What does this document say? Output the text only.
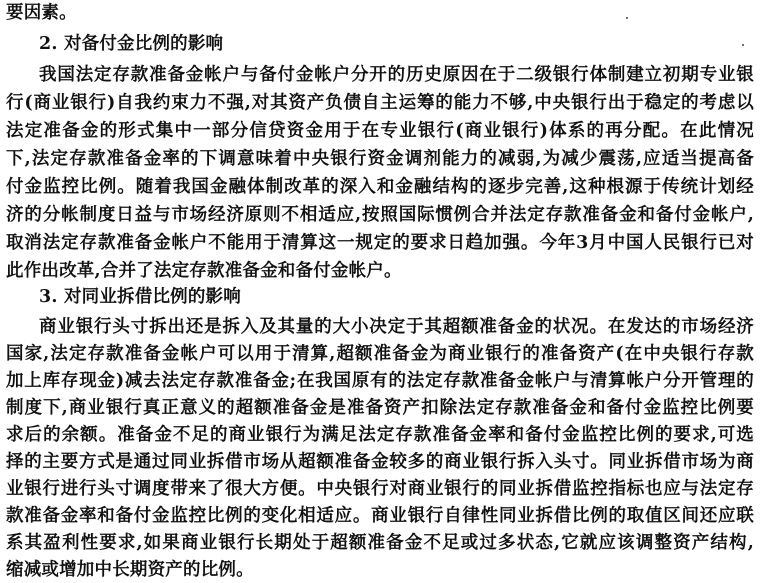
要因素。
2. 对备付金比例的影响
我国法定存款准备金帐户与备付金帐户分开的历史原因在于二级银行体制建立初期专业银
行(商业银行)自我约束力不强,对其资产负债自主运筹的能力不够,中央银行出于稳定的考虑以
法定准备金的形式集中一部分信贷资金用于在专业银行(商业银行)体系的再分配。在此情况
下,法定存款准备金率的下调意味着中央银行资金调剂能力的减弱,为减少震荡,应适当提高备
付金监控比例。随着我国金融体制改革的深入和金融结构的逐步完善,这种根源于传统计划经
济的分帐制度日益与市场经济原则不相适应,按照国际惯例合并法定存款准备金和备付金帐户,
取消法定存款准备金帐户不能用于清算这一规定的要求日趋加强。今年3月中国人民银行已对
此作出改革,合并了法定存款准备金和备付金帐户。
3. 对同业拆借比例的影响
商业银行头寸拆出还是拆入及其量的大小决定于其超额准备金的状况。在发达的市场经济
国家,法定存款准备金帐户可以用于清算,超额准备金为商业银行的准备资产(在中央银行存款
加上库存现金)减去法定存款准备金;在我国原有的法定存款准备金帐户与清算帐户分开管理的
制度下,商业银行真正意义的超额准备金是准备资产扣除法定存款准备金和备付金监控比例要
求后的余额。准备金不足的商业银行为满足法定存款准备金率和备付金监控比例的要求,可选
择的主要方式是通过同业拆借市场从超额准备金较多的商业银行拆入头寸。同业拆借市场为商
业银行进行头寸调度带来了很大方便。中央银行对商业银行的同业拆借监控指标也应与法定存
款准备金率和备付金监控比例的变化相适应。商业银行自律性同业拆借比例的取值区间还应联
系其盈利性要求,如果商业银行长期处于超额准备金不足或过多状态,它就应该调整资产结构,
缩减或增加中长期资产的比例。
